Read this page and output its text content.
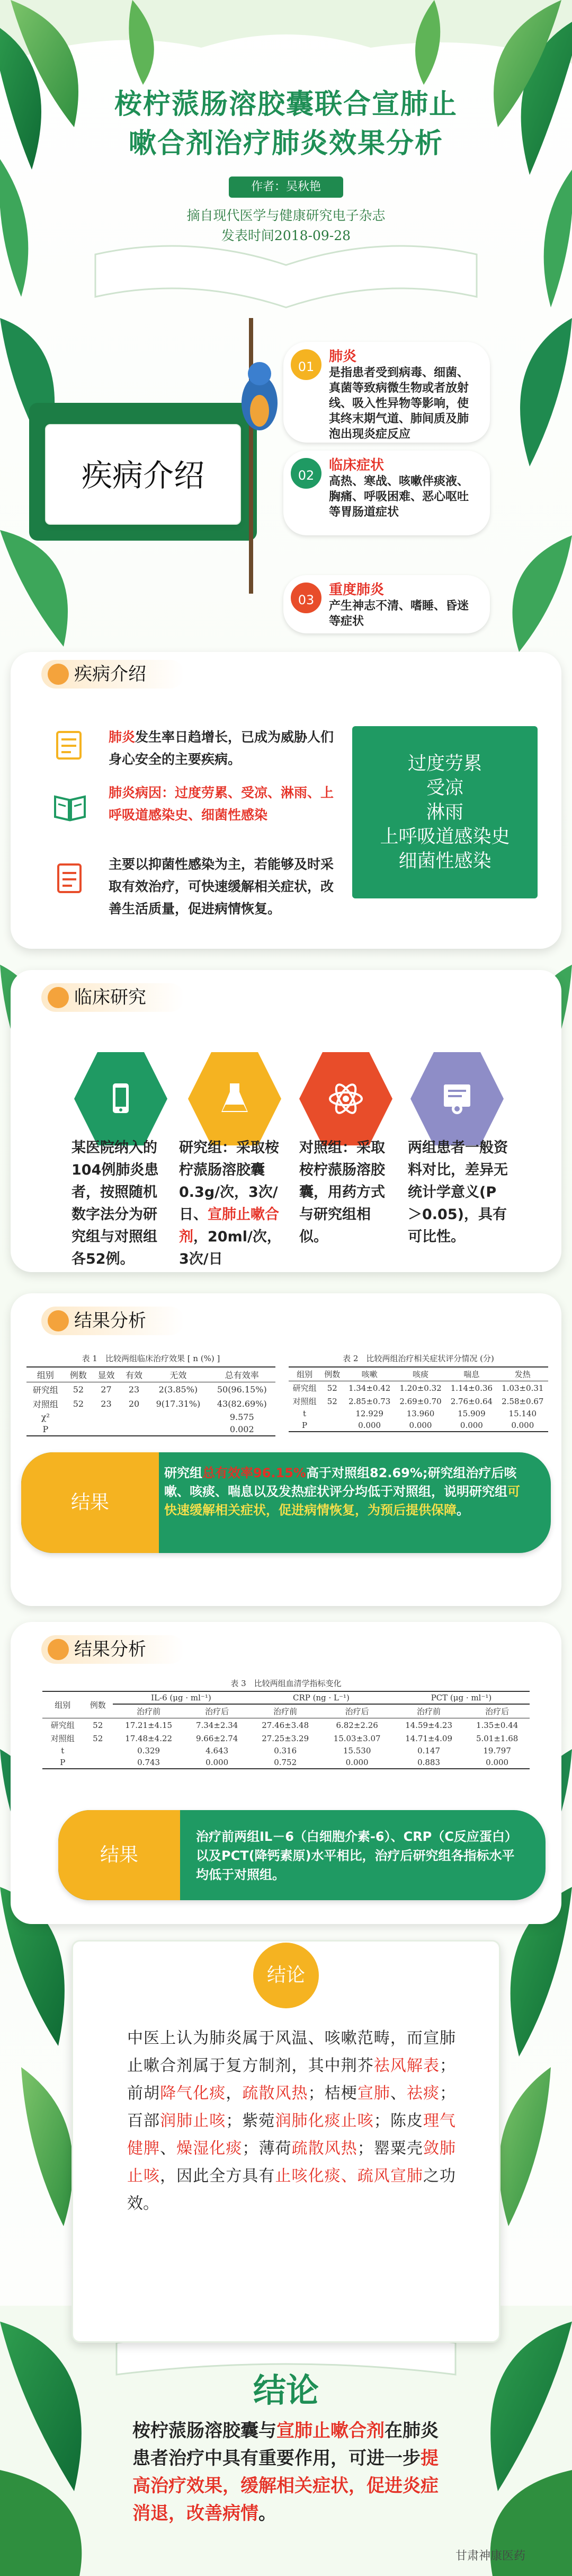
桉柠蒎肠溶胶囊联合宣肺止
嗽合剂治疗肺炎效果分析
作者：吴秋艳
摘自现代医学与健康研究电子杂志
发表时间2018-09-28
疾病介绍
01
肺炎
是指患者受到病毒、细菌、真菌等致病微生物或者放射线、吸入性异物等影响，使其终末期气道、肺间质及肺泡出现炎症反应
02
临床症状
高热、寒战、咳嗽伴痰液、胸痛、呼吸困难、恶心呕吐等胃肠道症状
03
重度肺炎
产生神志不清、嗜睡、昏迷等症状
疾病介绍
肺炎发生率日趋增长，已成为威胁人们身心安全的主要疾病。
肺炎病因：过度劳累、受凉、淋雨、上呼吸道感染史、细菌性感染
主要以抑菌性感染为主，若能够及时采取有效治疗，可快速缓解相关症状，改善生活质量，促进病情恢复。
过度劳累
受凉
淋雨
上呼吸道感染史
细菌性感染
临床研究
某医院纳入的104例肺炎患者，按照随机数字法分为研究组与对照组各52例。
研究组：采取桉柠蒎肠溶胶囊0.3g/次，3次/日、宣肺止嗽合剂，20ml/次，3次/日
对照组：采取桉柠蒎肠溶胶囊，用药方式与研究组相似。
两组患者一般资料对比，差异无统计学意义(P＞0.05)，具有可比性。
结果分析
表 1　比较两组临床治疗效果 [ n (%) ]
组别	例数	显效	有效	无效	总有效率
研究组	52	27	23	2(3.85%)	50(96.15%)
对照组	52	23	20	9(17.31%)	43(82.69%)
χ²					9.575
P					0.002
表 2　比较两组治疗相关症状评分情况 (分)
组别	例数	咳嗽	咳痰	喘息	发热
研究组	52	1.34±0.42	1.20±0.32	1.14±0.36	1.03±0.31
对照组	52	2.85±0.73	2.69±0.70	2.76±0.64	2.58±0.67
t		12.929	13.960	15.909	15.140
P		0.000	0.000	0.000	0.000
结果
研究组总有效率96.15%高于对照组82.69%;研究组治疗后咳嗽、咳痰、喘息以及发热症状评分均低于对照组，说明研究组可快速缓解相关症状，促进病情恢复，为预后提供保障。
结果分析
表 3　比较两组血清学指标变化
组别	例数	IL-6 (μg · ml⁻¹)		CRP (ng · L⁻¹)		PCT (μg · ml⁻¹)	
		治疗前	治疗后	治疗前	治疗后	治疗前	治疗后
研究组	52	17.21±4.15	7.34±2.34	27.46±3.48	6.82±2.26	14.59±4.23	1.35±0.44
对照组	52	17.48±4.22	9.66±2.74	27.25±3.29	15.03±3.07	14.71±4.09	5.01±1.68
t		0.329	4.643	0.316	15.530	0.147	19.797
P		0.743	0.000	0.752	0.000	0.883	0.000
结果
治疗前两组IL－6（白细胞介素-6）、CRP（C反应蛋白）以及PCT(降钙素原)水平相比，治疗后研究组各指标水平均低于对照组。
结论
中医上认为肺炎属于风温、咳嗽范畴，而宣肺止嗽合剂属于复方制剂，其中荆芥祛风解表；前胡降气化痰，疏散风热；桔梗宣肺、祛痰；百部润肺止咳；紫菀润肺化痰止咳；陈皮理气健脾、燥湿化痰；薄荷疏散风热；罂粟壳敛肺止咳，因此全方具有止咳化痰、疏风宣肺之功效。
结论
桉柠蒎肠溶胶囊与宣肺止嗽合剂在肺炎患者治疗中具有重要作用，可进一步提高治疗效果，缓解相关症状，促进炎症消退，改善病情。
甘肃神康医药
